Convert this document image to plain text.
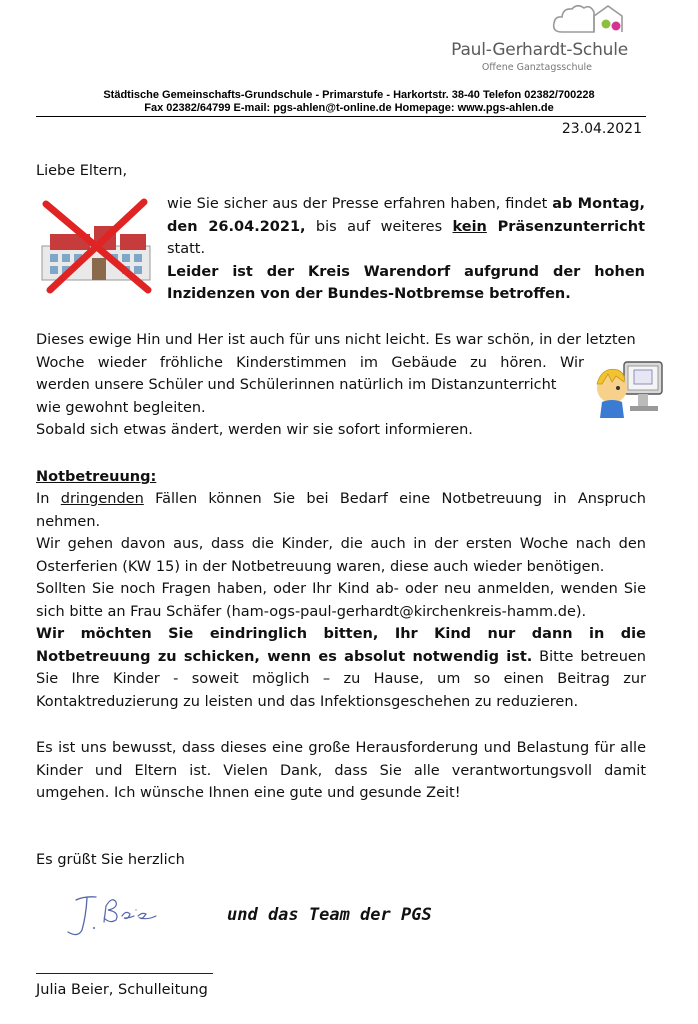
Paul-Gerhardt-Schule
Offene Ganztagsschule
Städtische Gemeinschafts-Grundschule - Primarstufe - Harkortstr. 38-40 Telefon 02382/700228
Fax 02382/64799 E-mail: pgs-ahlen@t-online.de Homepage: www.pgs-ahlen.de
23.04.2021
Liebe Eltern,
wie Sie sicher aus der Presse erfahren haben, findet ab Montag, den 26.04.2021, bis auf weiteres kein Präsenzunterricht statt.
Leider ist der Kreis Warendorf aufgrund der hohen Inzidenzen von der Bundes-Notbremse betroffen.
Dieses ewige Hin und Her ist auch für uns nicht leicht. Es war schön, in der letzten
Woche wieder fröhliche Kinderstimmen im Gebäude zu hören. Wir
werden unsere Schüler und Schülerinnen natürlich im Distanzunterricht
wie gewohnt begleiten.
Sobald sich etwas ändert, werden wir sie sofort informieren.
Notbetreuung:
In dringenden Fällen können Sie bei Bedarf eine Notbetreuung in Anspruch nehmen.
Wir gehen davon aus, dass die Kinder, die auch in der ersten Woche nach den Osterferien (KW 15) in der Notbetreuung waren, diese auch wieder benötigen.
Sollten Sie noch Fragen haben, oder Ihr Kind ab- oder neu anmelden, wenden Sie sich bitte an Frau Schäfer (ham-ogs-paul-gerhardt@kirchenkreis-hamm.de).
Wir möchten Sie eindringlich bitten, Ihr Kind nur dann in die Notbetreuung zu schicken, wenn es absolut notwendig ist. Bitte betreuen Sie Ihre Kinder - soweit möglich – zu Hause, um so einen Beitrag zur Kontaktreduzierung zu leisten und das Infektionsgeschehen zu reduzieren.
Es ist uns bewusst, dass dieses eine große Herausforderung und Belastung für alle Kinder und Eltern ist. Vielen Dank, dass Sie alle verantwortungsvoll damit umgehen. Ich wünsche Ihnen eine gute und gesunde Zeit!
Es grüßt Sie herzlich
und das Team der PGS
Julia Beier, Schulleitung
